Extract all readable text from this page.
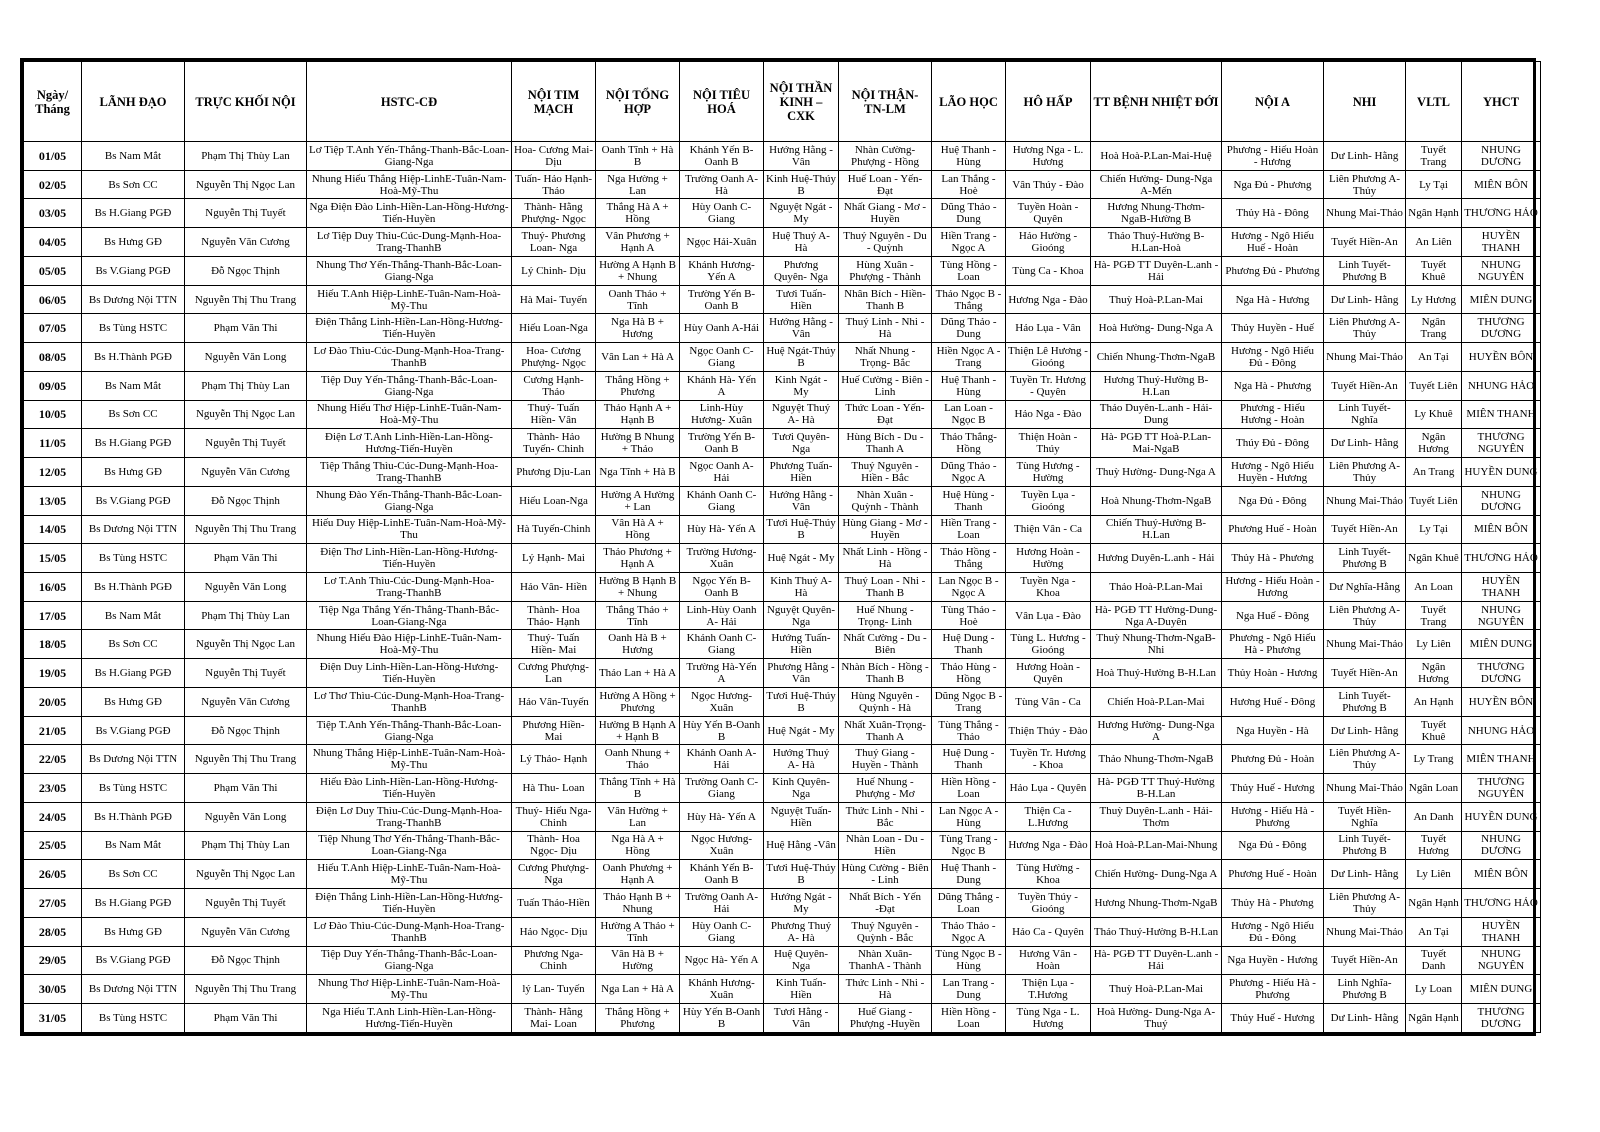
Ngày/ Tháng	LÃNH ĐẠO	TRỰC KHỐI NỘI	HSTC-CĐ	NỘI TIM MẠCH	NỘI TỔNG HỢP	NỘI TIÊU HOÁ	NỘI THẦN KINH – CXK	NỘI THẬN-TN-LM	LÃO HỌC	HÔ HẤP	TT BỆNH NHIỆT ĐỚI	NỘI A	NHI	VLTL	YHCT
01/05	Bs Nam Mắt	Phạm Thị Thùy Lan	Lơ Tiệp T.Anh Yến-Thắng-Thanh-Bắc-Loan-Giang-Nga	Hoa- Cương Mai- Dịu	Oanh Tĩnh + Hà B	Khánh Yến B-Oanh B	Hướng Hằng -Vân	Nhàn Cường-Phượng - Hồng	Huệ Thanh - Hùng	Hương Nga - L. Hương	Hoà Hoà-P.Lan-Mai-Huệ	Phương - Hiếu Hoàn - Hương	Dư Linh- Hằng	Tuyết Trang	NHUNG DƯƠNG
02/05	Bs Sơn CC	Nguyễn Thị Ngọc Lan	Nhung Hiếu Thắng Hiệp-LinhE-Tuân-Nam-Hoà-Mỹ-Thu	Tuấn- Hảo Hạnh- Thảo	Nga Hường + Lan	Trường Oanh A- Hà	Kinh Huệ-Thúy B	Huế Loan - Yến-Đạt	Lan Thắng - Hoè	Vân Thúy - Đào	Chiến Hường- Dung-Nga A-Mến	Nga Đủ - Phương	Liên Phương A- Thủy	Ly Tại	MIÊN BÔN
03/05	Bs H.Giang PGĐ	Nguyễn Thị Tuyết	Nga Điện Đào Linh-Hiền-Lan-Hồng-Hương-Tiến-Huyền	Thành- Hằng Phượng- Ngọc	Thắng Hà A + Hồng	Hùy Oanh C-Giang	Nguyệt Ngát - My	Nhất Giang - Mơ - Huyền	Dũng Thảo - Dung	Tuyền Hoàn - Quyên	Hương Nhung-Thơm-NgaB-Hường B	Thủy Hà - Đông	Nhung Mai-Thảo	Ngân Hạnh	THƯƠNG HẢO
04/05	Bs Hưng GĐ	Nguyễn Văn Cương	Lơ Tiệp Duy Thìu-Cúc-Dung-Mạnh-Hoa-Trang-ThanhB	Thuý- Phương Loan- Nga	Vân Phương + Hạnh A	Ngọc Hải-Xuân	Huệ Thuý A-Hà	Thuý Nguyên - Du - Quỳnh	Hiền Trang - Ngọc A	Hảo Hường - Gioóng	Thảo Thuý-Hường B-H.Lan-Hoà	Hương - Ngô Hiếu Huế - Hoàn	Tuyết Hiền-An	An Liên	HUYỀN THANH
05/05	Bs V.Giang PGĐ	Đỗ Ngọc Thịnh	Nhung Thơ Yến-Thắng-Thanh-Bắc-Loan-Giang-Nga	Lý Chinh- Dịu	Hường A Hạnh B + Nhung	Khánh Hương-Yến A	Phương Quyên- Nga	Hùng Xuân - Phượng - Thành	Tùng Hồng - Loan	Tùng Ca - Khoa	Hà- PGĐ TT Duyên-L.anh - Hải	Phương Đủ - Phương	Linh Tuyết-Phương B	Tuyết Khuê	NHUNG NGUYÊN
06/05	Bs Dương Nội TTN	Nguyễn Thị Thu Trang	Hiếu T.Anh Hiệp-LinhE-Tuân-Nam-Hoà-Mỹ-Thu	Hà Mai- Tuyến	Oanh Thảo + Tĩnh	Trường Yến B-Oanh B	Tươi Tuấn-Hiền	Nhân Bích - Hiền- Thanh B	Thảo Ngọc B - Thắng	Hương Nga - Đào	Thuỳ Hoà-P.Lan-Mai	Nga Hà - Hương	Dư Linh- Hằng	Ly Hương	MIÊN DUNG
07/05	Bs Tùng HSTC	Phạm Văn Thi	Điện Thắng Linh-Hiền-Lan-Hồng-Hương-Tiến-Huyền	Hiếu Loan-Nga	Nga Hà B + Hương	Hùy Oanh A-Hải	Hướng Hằng -Vân	Thuý Linh - Nhi - Hà	Dũng Thảo - Dung	Hảo Lụa - Vân	Hoà Hường- Dung-Nga A	Thủy Huyền - Huế	Liên Phương A- Thủy	Ngân Trang	THƯƠNG DƯƠNG
08/05	Bs H.Thành PGĐ	Nguyễn Văn Long	Lơ Đào Thìu-Cúc-Dung-Mạnh-Hoa-Trang-ThanhB	Hoa- Cương Phượng- Ngọc	Vân Lan + Hà A	Ngọc Oanh C-Giang	Huệ Ngát-Thúy B	Nhất Nhung - Trọng- Bắc	Hiền Ngọc A - Trang	Thiện Lê Hương - Gioóng	Chiến Nhung-Thơm-NgaB	Hương - Ngô Hiếu Đủ - Đông	Nhung Mai-Thảo	An Tại	HUYỀN BÔN
09/05	Bs Nam Mắt	Phạm Thị Thùy Lan	Tiệp Duy Yến-Thắng-Thanh-Bắc-Loan-Giang-Nga	Cương Hạnh-Thảo	Thắng Hồng + Phương	Khánh Hà- Yến A	Kinh Ngát - My	Huế Cường - Biên - Linh	Huệ Thanh - Hùng	Tuyền Tr. Hương - Quyên	Hương Thuý-Hường B-H.Lan	Nga Hà - Phương	Tuyết Hiền-An	Tuyết Liên	NHUNG HẢO
10/05	Bs Sơn CC	Nguyễn Thị Ngọc Lan	Nhung Hiếu Thơ Hiệp-LinhE-Tuân-Nam-Hoà-Mỹ-Thu	Thuý- Tuấn Hiền- Vân	Thảo Hạnh A + Hạnh B	Linh-Hùy Hương- Xuân	Nguyệt Thuý A- Hà	Thức Loan - Yến- Đạt	Lan Loan - Ngọc B	Hảo Nga - Đào	Thảo Duyên-L.anh - Hải-Dung	Phương - Hiếu Hương - Hoàn	Linh Tuyết-Nghĩa	Ly Khuê	MIÊN THANH
11/05	Bs H.Giang PGĐ	Nguyễn Thị Tuyết	Điện Lơ T.Anh Linh-Hiền-Lan-Hồng-Hương-Tiến-Huyền	Thành- Hảo Tuyến- Chinh	Hường B Nhung + Thảo	Trường Yến B-Oanh B	Tươi Quyên-Nga	Hùng Bích - Du - Thanh A	Thảo Thắng-Hồng	Thiện Hoàn - Thúy	Hà- PGĐ TT Hoà-P.Lan-Mai-NgaB	Thúy Đủ - Đông	Dư Linh- Hằng	Ngân Hương	THƯƠNG NGUYÊN
12/05	Bs Hưng GĐ	Nguyễn Văn Cương	Tiệp Thắng Thìu-Cúc-Dung-Mạnh-Hoa-Trang-ThanhB	Phương Dịu-Lan	Nga Tĩnh + Hà B	Ngọc Oanh A-Hải	Phương Tuấn- Hiền	Thuý Nguyên - Hiền - Bắc	Dũng Thảo - Ngọc A	Tùng Hương - Hường	Thuỳ Hường- Dung-Nga A	Hương - Ngô Hiếu Huyền - Hương	Liên Phương A- Thủy	An Trang	HUYỀN DUNG
13/05	Bs V.Giang PGĐ	Đỗ Ngọc Thịnh	Nhung Đào Yến-Thắng-Thanh-Bắc-Loan-Giang-Nga	Hiếu Loan-Nga	Hường A Hường + Lan	Khánh Oanh C-Giang	Hướng Hằng -Vân	Nhàn Xuân - Quỳnh - Thành	Huệ Hùng - Thanh	Tuyền Lụa - Gioóng	Hoà Nhung-Thơm-NgaB	Nga Đủ - Đông	Nhung Mai-Thảo	Tuyết Liên	NHUNG DƯƠNG
14/05	Bs Dương Nội TTN	Nguyễn Thị Thu Trang	Hiếu Duy Hiệp-LinhE-Tuân-Nam-Hoà-Mỹ-Thu	Hà Tuyến-Chinh	Vân Hà A + Hồng	Hùy Hà- Yến A	Tươi Huệ-Thúy B	Hùng Giang - Mơ - Huyền	Hiền Trang - Loan	Thiện Vân - Ca	Chiến Thuý-Hường B-H.Lan	Phương Huế - Hoàn	Tuyết Hiền-An	Ly Tại	MIÊN BÔN
15/05	Bs Tùng HSTC	Phạm Văn Thi	Điện Thơ Linh-Hiền-Lan-Hồng-Hương-Tiến-Huyền	Lý Hạnh- Mai	Thảo Phương + Hạnh A	Trường Hương-Xuân	Huệ Ngát - My	Nhất Linh - Hồng - Hà	Thảo Hồng - Thắng	Hương Hoàn - Hường	Hương Duyên-L.anh - Hải	Thủy Hà - Phương	Linh Tuyết-Phương B	Ngân Khuê	THƯƠNG HẢO
16/05	Bs H.Thành PGĐ	Nguyễn Văn Long	Lơ T.Anh Thìu-Cúc-Dung-Mạnh-Hoa-Trang-ThanhB	Hảo Vân- Hiền	Hường B Hạnh B + Nhung	Ngọc Yến B-Oanh B	Kinh Thuý A-Hà	Thuý Loan - Nhi - Thanh B	Lan Ngọc B - Ngọc A	Tuyền Nga - Khoa	Thảo Hoà-P.Lan-Mai	Hương - Hiếu Hoàn - Hương	Dư Nghĩa-Hằng	An Loan	HUYỀN THANH
17/05	Bs Nam Mắt	Phạm Thị Thùy Lan	Tiệp Nga Thắng Yến-Thắng-Thanh-Bắc-Loan-Giang-Nga	Thành- Hoa Thảo- Hạnh	Thắng Thảo + Tĩnh	Linh-Hùy Oanh A- Hải	Nguyệt Quyên- Nga	Huế Nhung - Trọng- Linh	Tùng Thảo - Hoè	Vân Lụa - Đào	Hà- PGĐ TT Hường-Dung-Nga A-Duyên	Nga Huế - Đông	Liên Phương A- Thủy	Tuyết Trang	NHUNG NGUYÊN
18/05	Bs Sơn CC	Nguyễn Thị Ngọc Lan	Nhung Hiếu Đào Hiệp-LinhE-Tuân-Nam-Hoà-Mỹ-Thu	Thuý- Tuấn Hiền- Mai	Oanh Hà B + Hương	Khánh Oanh C-Giang	Hướng Tuấn-Hiền	Nhất Cường - Du - Biên	Huệ Dung - Thanh	Tùng L. Hương - Gioóng	Thuỳ Nhung-Thơm-NgaB-Nhi	Phương - Ngô Hiếu Hà - Phương	Nhung Mai-Thảo	Ly Liên	MIÊN DUNG
19/05	Bs H.Giang PGĐ	Nguyễn Thị Tuyết	Điện Duy Linh-Hiền-Lan-Hồng-Hương-Tiến-Huyền	Cương Phượng-Lan	Thảo Lan + Hà A	Trường Hà-Yến A	Phương Hằng -Vân	Nhàn Bích - Hồng - Thanh B	Thảo Hùng - Hồng	Hương Hoàn - Quyên	Hoà Thuý-Hường B-H.Lan	Thủy Hoàn - Hương	Tuyết Hiền-An	Ngân Hương	THƯƠNG DƯƠNG
20/05	Bs Hưng GĐ	Nguyễn Văn Cương	Lơ Thơ Thìu-Cúc-Dung-Mạnh-Hoa-Trang-ThanhB	Hảo Vân-Tuyến	Hường A Hồng + Phương	Ngọc Hương-Xuân	Tươi Huệ-Thúy B	Hùng Nguyên - Quỳnh - Hà	Dũng Ngọc B - Trang	Tùng Vân - Ca	Chiến Hoà-P.Lan-Mai	Hương Huế - Đông	Linh Tuyết-Phương B	An Hạnh	HUYỀN BÔN
21/05	Bs V.Giang PGĐ	Đỗ Ngọc Thịnh	Tiệp T.Anh Yến-Thắng-Thanh-Bắc-Loan-Giang-Nga	Phương Hiền-Mai	Hường B Hạnh A + Hạnh B	Hùy Yến B-Oanh B	Huệ Ngát - My	Nhất Xuân-Trọng- Thanh A	Tùng Thắng - Thảo	Thiện Thúy - Đào	Hương Hường- Dung-Nga A	Nga Huyền - Hà	Dư Linh- Hằng	Tuyết Khuê	NHUNG HẢO
22/05	Bs Dương Nội TTN	Nguyễn Thị Thu Trang	Nhung Thắng Hiệp-LinhE-Tuân-Nam-Hoà-Mỹ-Thu	Lý Thảo- Hạnh	Oanh Nhung + Thảo	Khánh Oanh A-Hải	Hướng Thuý A- Hà	Thuý Giang - Huyền - Thành	Huệ Dung - Thanh	Tuyền Tr. Hương - Khoa	Thảo Nhung-Thơm-NgaB	Phương Đủ - Hoàn	Liên Phương A- Thủy	Ly Trang	MIÊN THANH
23/05	Bs Tùng HSTC	Phạm Văn Thi	Hiếu Đào Linh-Hiền-Lan-Hồng-Hương-Tiến-Huyền	Hà Thu- Loan	Thắng Tĩnh + Hà B	Trường Oanh C- Giang	Kinh Quyên-Nga	Huế Nhung - Phượng - Mơ	Hiền Hồng - Loan	Hảo Lụa - Quyên	Hà- PGĐ TT Thuý-Hường B-H.Lan	Thủy Huế - Hương	Nhung Mai-Thảo	Ngân Loan	THƯƠNG NGUYÊN
24/05	Bs H.Thành PGĐ	Nguyễn Văn Long	Điện Lơ Duy Thìu-Cúc-Dung-Mạnh-Hoa-Trang-ThanhB	Thuý- Hiếu Nga- Chinh	Vân Hường + Lan	Hùy Hà- Yến A	Nguyệt Tuấn-Hiền	Thức Linh - Nhi - Bắc	Lan Ngọc A - Hùng	Thiện Ca - L.Hương	Thuỳ Duyên-L.anh - Hải-Thơm	Hương - Hiếu Hà - Phương	Tuyết Hiền-Nghĩa	An Danh	HUYỀN DUNG
25/05	Bs Nam Mắt	Phạm Thị Thùy Lan	Tiệp Nhung Thơ Yến-Thắng-Thanh-Bắc-Loan-Giang-Nga	Thành- Hoa Ngọc- Dịu	Nga Hà A + Hồng	Ngọc Hương-Xuân	Huệ Hằng -Vân	Nhàn Loan - Du - Hiền	Tùng Trang - Ngọc B	Hương Nga - Đào	Hoà Hoà-P.Lan-Mai-Nhung	Nga Đủ - Đông	Linh Tuyết-Phương B	Tuyết Hương	NHUNG DƯƠNG
26/05	Bs Sơn CC	Nguyễn Thị Ngọc Lan	Hiếu T.Anh Hiệp-LinhE-Tuân-Nam-Hoà-Mỹ-Thu	Cương Phượng-Nga	Oanh Phương + Hạnh A	Khánh Yến B-Oanh B	Tươi Huệ-Thúy B	Hùng Cường - Biên - Linh	Huệ Thanh - Dung	Tùng Hường - Khoa	Chiến Hường- Dung-Nga A	Phương Huế - Hoàn	Dư Linh- Hằng	Ly Liên	MIÊN BÔN
27/05	Bs H.Giang PGĐ	Nguyễn Thị Tuyết	Điện Thắng Linh-Hiền-Lan-Hồng-Hương-Tiến-Huyền	Tuấn Thảo-Hiền	Thảo Hạnh B + Nhung	Trường Oanh A- Hải	Hướng Ngát - My	Nhất Bích - Yến -Đạt	Dũng Thắng - Loan	Tuyền Thúy - Gioóng	Hương Nhung-Thơm-NgaB	Thủy Hà - Phương	Liên Phương A- Thủy	Ngân Hạnh	THƯƠNG HẢO
28/05	Bs Hưng GĐ	Nguyễn Văn Cương	Lơ Đào Thìu-Cúc-Dung-Mạnh-Hoa-Trang-ThanhB	Hảo Ngọc- Dịu	Hường A Thảo + Tĩnh	Hùy Oanh C-Giang	Phương Thuý A- Hà	Thuý Nguyên - Quỳnh - Bắc	Thảo Thảo - Ngọc A	Hảo Ca - Quyên	Thảo Thuý-Hường B-H.Lan	Hương - Ngô Hiếu Đủ - Đông	Nhung Mai-Thảo	An Tại	HUYỀN THANH
29/05	Bs V.Giang PGĐ	Đỗ Ngọc Thịnh	Tiệp Duy Yến-Thắng-Thanh-Bắc-Loan-Giang-Nga	Phương Nga-Chinh	Vân Hà B + Hường	Ngọc Hà- Yến A	Huệ Quyên-Nga	Nhàn Xuân-ThanhA - Thành	Tùng Ngọc B - Hùng	Hương Vân - Hoàn	Hà- PGĐ TT Duyên-L.anh - Hải	Nga Huyền - Hương	Tuyết Hiền-An	Tuyết Danh	NHUNG NGUYÊN
30/05	Bs Dương Nội TTN	Nguyễn Thị Thu Trang	Nhung Thơ Hiệp-LinhE-Tuân-Nam-Hoà-Mỹ-Thu	lý Lan- Tuyến	Nga Lan + Hà A	Khánh Hương-Xuân	Kinh Tuấn-Hiền	Thức Linh - Nhi - Hà	Lan Trang - Dung	Thiện Lụa - T.Hương	Thuỳ Hoà-P.Lan-Mai	Phương - Hiếu Hà - Phương	Linh Nghĩa-Phương B	Ly Loan	MIÊN DUNG
31/05	Bs Tùng HSTC	Phạm Văn Thi	Nga Hiếu T.Anh Linh-Hiền-Lan-Hồng-Hương-Tiến-Huyền	Thành- Hằng Mai- Loan	Thắng Hồng + Phương	Hùy Yến B-Oanh B	Tươi Hằng -Vân	Huế Giang - Phượng -Huyền	Hiền Hồng - Loan	Tùng Nga - L. Hương	Hoà Hường- Dung-Nga A-Thuý	Thủy Huế - Hương	Dư Linh- Hằng	Ngân Hạnh	THƯƠNG DƯƠNG
